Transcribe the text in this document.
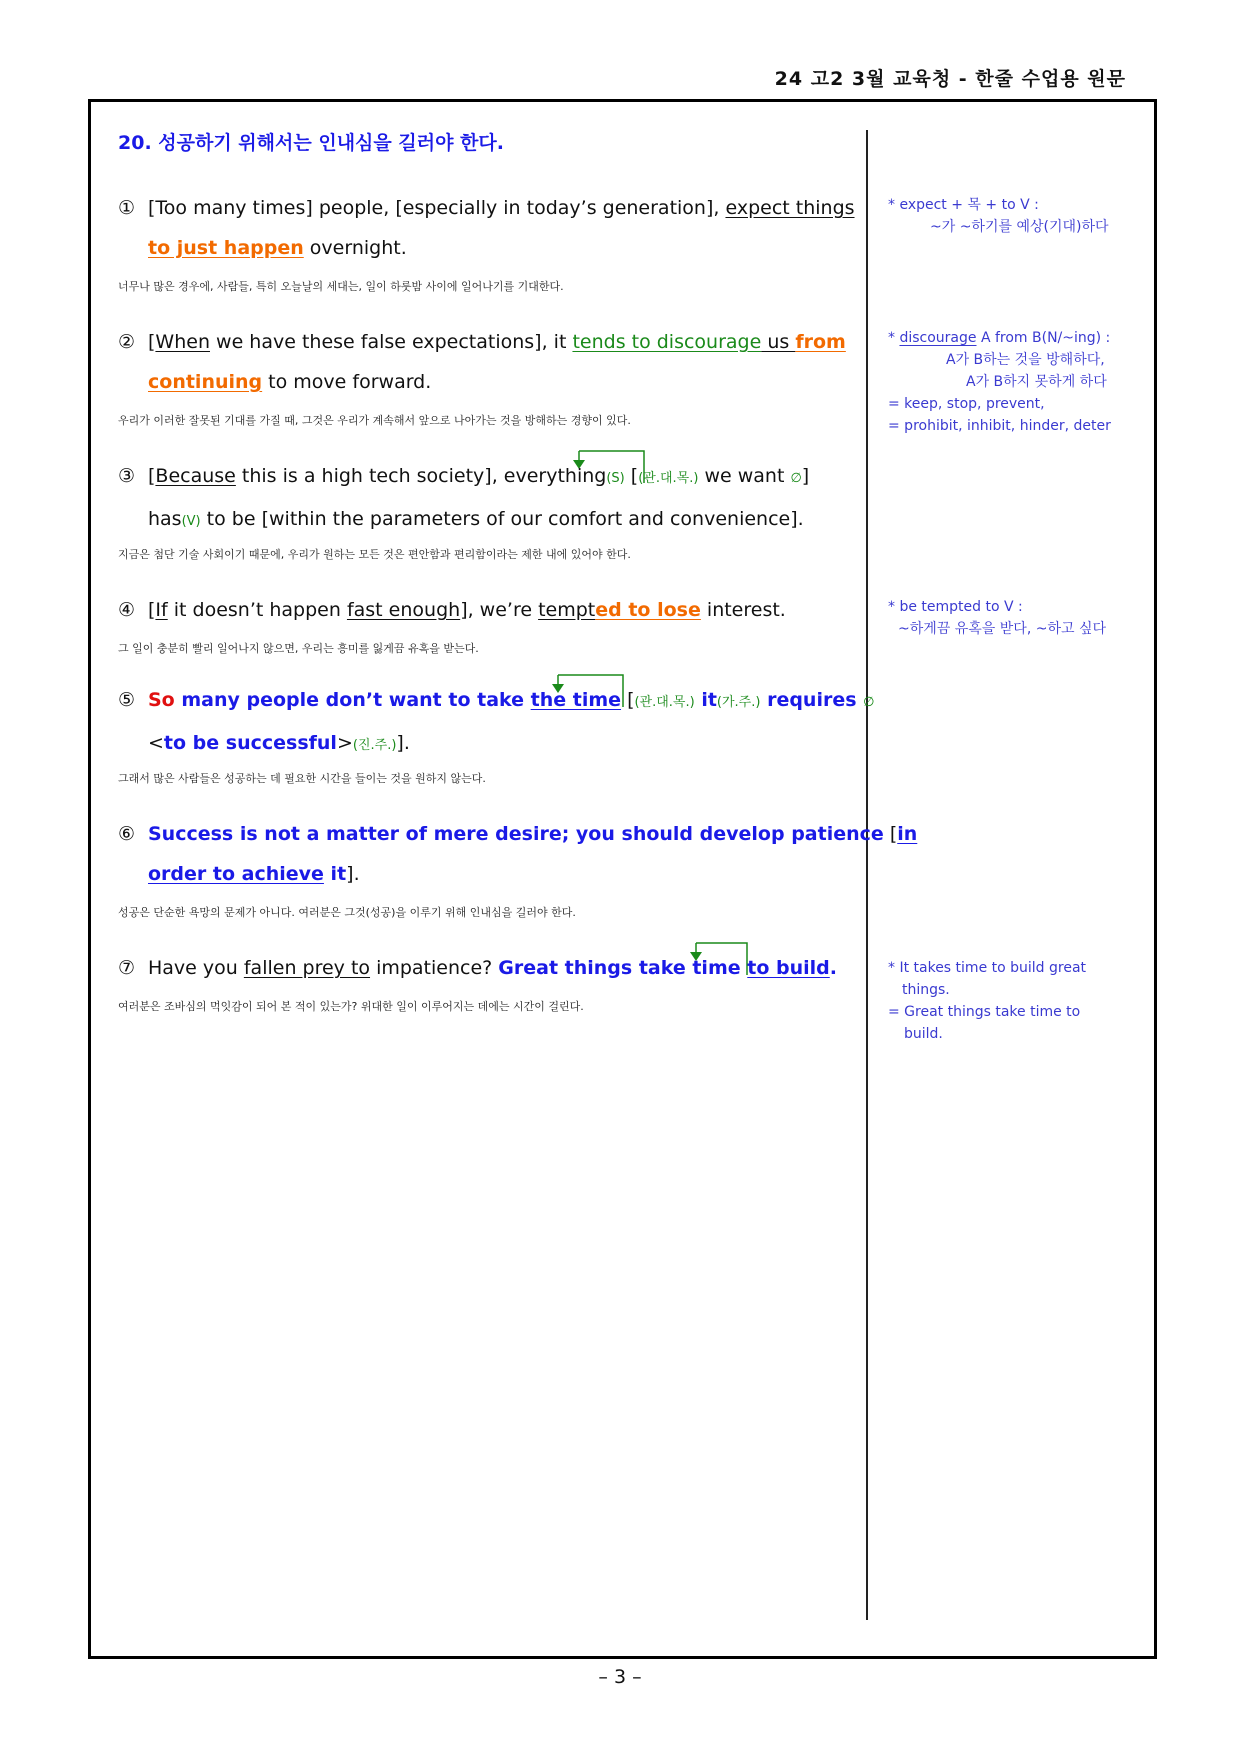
24 고2 3월 교육청 - 한줄 수업용 원문
20. 성공하기 위해서는 인내심을 길러야 한다.
① [Too many times] people, [especially in today’s generation], expect things
to just happen overnight.
너무나 많은 경우에, 사람들, 특히 오늘날의 세대는, 일이 하룻밤 사이에 일어나기를 기대한다.
② [When we have these false expectations], it tends to discourage us from
continuing to move forward.
우리가 이러한 잘못된 기대를 가질 때, 그것은 우리가 계속해서 앞으로 나아가는 것을 방해하는 경향이 있다.
③ [Because this is a high tech society], everything(S) [(관.대.목.) we want ∅]
has(V) to be [within the parameters of our comfort and convenience].
지금은 첨단 기술 사회이기 때문에, 우리가 원하는 모든 것은 편안함과 편리함이라는 제한 내에 있어야 한다.
④ [If it doesn’t happen fast enough], we’re tempted to lose interest.
그 일이 충분히 빨리 일어나지 않으면, 우리는 흥미를 잃게끔 유혹을 받는다.
⑤ So many people don’t want to take the time [(관.대.목.) it(가.주.) requires ∅
<to be successful>(진.주.)].
그래서 많은 사람들은 성공하는 데 필요한 시간을 들이는 것을 원하지 않는다.
⑥ Success is not a matter of mere desire; you should develop patience [in
order to achieve it].
성공은 단순한 욕망의 문제가 아니다. 여러분은 그것(성공)을 이루기 위해 인내심을 길러야 한다.
⑦ Have you fallen prey to impatience? Great things take time to build.
여러분은 조바심의 먹잇감이 되어 본 적이 있는가? 위대한 일이 이루어지는 데에는 시간이 걸린다.
* expect + 목 + to V :
~가 ~하기를 예상(기대)하다
* discourage A from B(N/~ing) :
A가 B하는 것을 방해하다,
A가 B하지 못하게 하다
= keep, stop, prevent,
= prohibit, inhibit, hinder, deter
* be tempted to V :
~하게끔 유혹을 받다, ~하고 싶다
* It takes time to build great
things.
= Great things take time to
build.
– 3 –
